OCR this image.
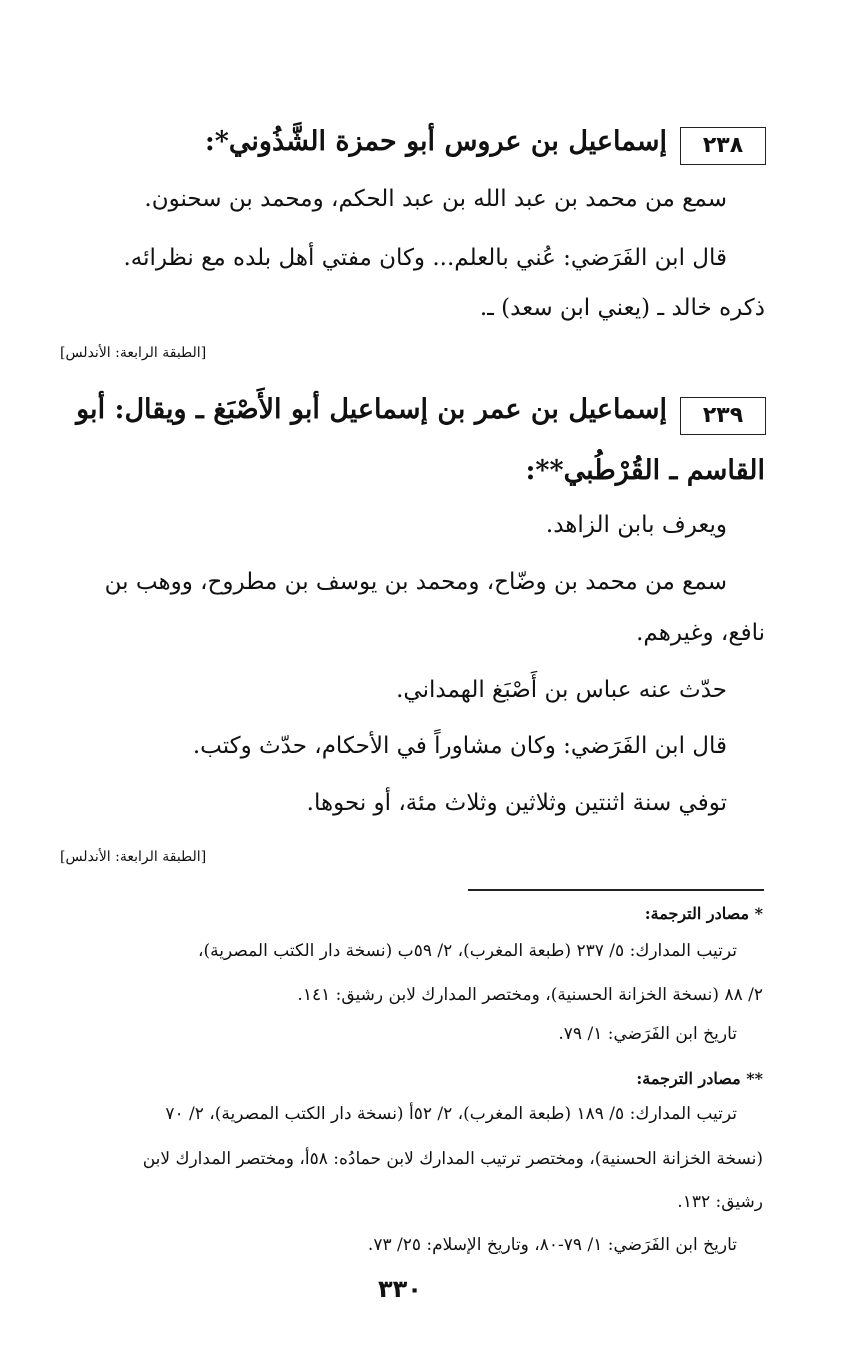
٢٣٨
إسماعيل بن عروس أبو حمزة الشَّذُوني*:
سمع من محمد بن عبد الله بن عبد الحكم، ومحمد بن سحنون.
قال ابن الفَرَضي: عُني بالعلم... وكان مفتي أهل بلده مع نظرائه.
ذكره خالد ـ (يعني ابن سعد) ـ.
[الطبقة الرابعة: الأندلس]
٢٣٩
إسماعيل بن عمر بن إسماعيل أبو الأَصْبَغ ـ ويقال: أبو
القاسم ـ القُرْطُبي**:
ويعرف بابن الزاهد.
سمع من محمد بن وضّاح، ومحمد بن يوسف بن مطروح، ووهب بن
نافع، وغيرهم.
حدّث عنه عباس بن أَصْبَغ الهمداني.
قال ابن الفَرَضي: وكان مشاوراً في الأحكام، حدّث وكتب.
توفي سنة اثنتين وثلاثين وثلاث مئة، أو نحوها.
[الطبقة الرابعة: الأندلس]
* مصادر الترجمة:
ترتيب المدارك: ٥/ ٢٣٧ (طبعة المغرب)، ٢/ ٥٩ب (نسخة دار الكتب المصرية)،
٢/ ٨٨ (نسخة الخزانة الحسنية)، ومختصر المدارك لابن رشيق: ١٤١.
تاريخ ابن الفَرَضي: ١/ ٧٩.
** مصادر الترجمة:
ترتيب المدارك: ٥/ ١٨٩ (طبعة المغرب)، ٢/ ٥٢أ (نسخة دار الكتب المصرية)، ٢/ ٧٠
(نسخة الخزانة الحسنية)، ومختصر ترتيب المدارك لابن حمادُه: ٥٨أ، ومختصر المدارك لابن
رشيق: ١٣٢.
تاريخ ابن الفَرَضي: ١/ ٧٩-٨٠، وتاريخ الإسلام: ٢٥/ ٧٣.
٣٣٠
